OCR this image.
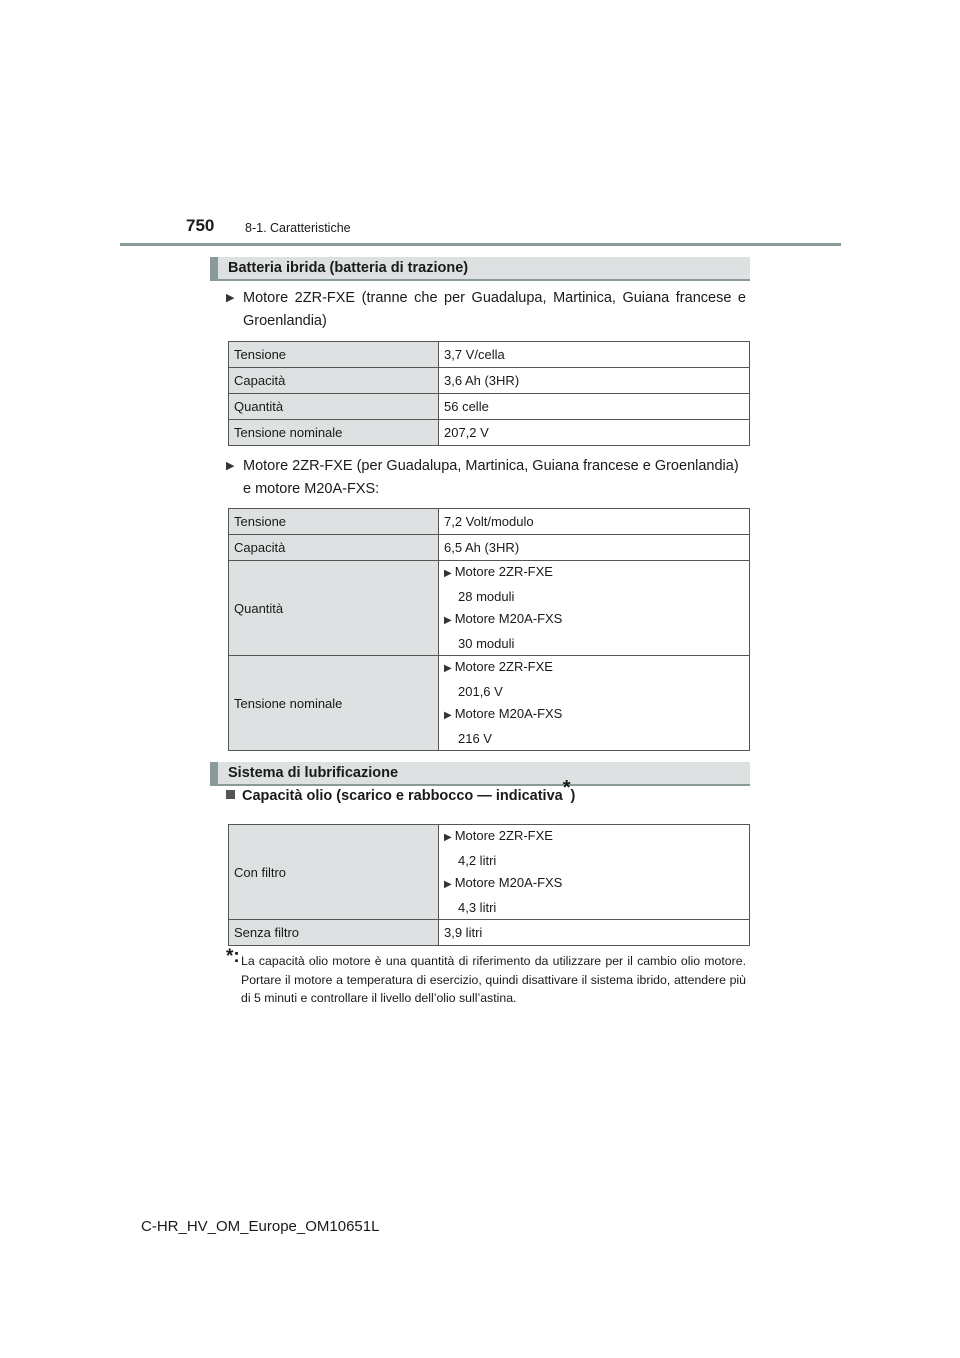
750 8-1. Caratteristiche
Batteria ibrida (batteria di trazione)
▶ Motore 2ZR-FXE (tranne che per Guadalupa, Martinica, Guiana francese e Groenlandia)
Tensione	3,7 V/cella
Capacità	3,6 Ah (3HR)
Quantità	56 celle
Tensione nominale	207,2 V
▶ Motore 2ZR-FXE (per Guadalupa, Martinica, Guiana francese e Groenlandia) e motore M20A-FXS:
Tensione	7,2 Volt/modulo
Capacità	6,5 Ah (3HR)
Quantità	▶ Motore 2ZR-FXE
28 moduli
▶ Motore M20A-FXS
30 moduli

Tensione nominale	▶ Motore 2ZR-FXE
201,6 V
▶ Motore M20A-FXS
216 V
Sistema di lubrificazione
Capacità olio (scarico e rabbocco — indicativa*)
Con filtro	▶ Motore 2ZR-FXE
4,2 litri
▶ Motore M20A-FXS
4,3 litri

Senza filtro	3,9 litri
*: La capacità olio motore è una quantità di riferimento da utilizzare per il cambio olio motore. Portare il motore a temperatura di esercizio, quindi disattivare il sistema ibrido, attendere più di 5 minuti e controllare il livello dell’olio sull’astina.
C-HR_HV_OM_Europe_OM10651L
